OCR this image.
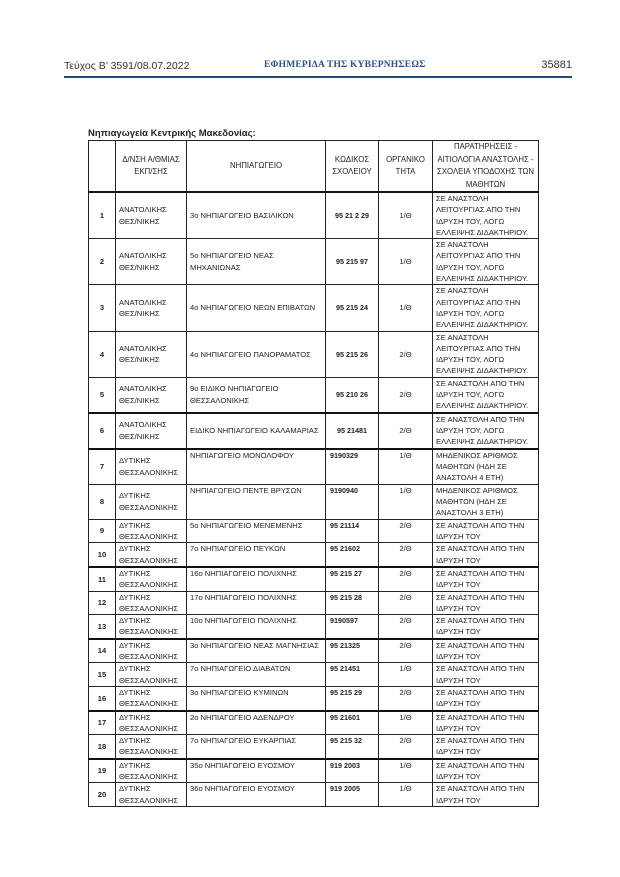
Τεύχος B’ 3591/08.07.2022	ΕΦΗΜΕΡΙΔΑ ΤΗΣ ΚΥΒΕΡΝΗΣΕΩΣ	35881
Νηπιαγωγεία Κεντρικής Μακεδονίας:
	Δ/ΝΣΗ Α/ΘΜΙΑΣ ΕΚΠ/ΣΗΣ	ΝΗΠΙΑΓΩΓΕΙΟ	ΚΩΔΙΚΟΣ ΣΧΟΛΕΙΟΥ	ΟΡΓΑΝΙΚΟ ΤΗΤΑ	ΠΑΡΑΤΗΡΗΣΕΙΣ - ΑΙΤΙΟΛΟΓΙΑ ΑΝΑΣΤΟΛΗΣ - ΣΧΟΛΕΙΑ ΥΠΟΔΟΧΗΣ ΤΩΝ ΜΑΘΗΤΩΝ
1	ΑΝΑΤΟΛΙΚΗΣ ΘΕΣ/ΝΙΚΗΣ	3ο ΝΗΠΙΑΓΩΓΕΙΟ ΒΑΣΙΛΙΚΩΝ	95 21 2 29	1/Θ	ΣΕ ΑΝΑΣΤΟΛΗ ΛΕΙΤΟΥΡΓΙΑΣ ΑΠΟ ΤΗΝ ΙΔΡΥΣΗ ΤΟΥ, ΛΟΓΩ ΕΛΛΕΙΨΗΣ ΔΙΔΑΚΤΗΡΙΟΥ.
2	ΑΝΑΤΟΛΙΚΗΣ ΘΕΣ/ΝΙΚΗΣ	5ο ΝΗΠΙΑΓΩΓΕΙΟ ΝΕΑΣ ΜΗΧΑΝΙΩΝΑΣ	95 215 97	1/Θ	ΣΕ ΑΝΑΣΤΟΛΗ ΛΕΙΤΟΥΡΓΙΑΣ ΑΠΟ ΤΗΝ ΙΔΡΥΣΗ ΤΟΥ, ΛΟΓΩ ΕΛΛΕΙΨΗΣ ΔΙΔΑΚΤΗΡΙΟΥ.
3	ΑΝΑΤΟΛΙΚΗΣ ΘΕΣ/ΝΙΚΗΣ	4ο ΝΗΠΙΑΓΩΓΕΙΟ ΝΕΩΝ ΕΠΙΒΑΤΩΝ	95 215 24	1/Θ	ΣΕ ΑΝΑΣΤΟΛΗ ΛΕΙΤΟΥΡΓΙΑΣ ΑΠΟ ΤΗΝ ΙΔΡΥΣΗ ΤΟΥ, ΛΟΓΩ ΕΛΛΕΙΨΗΣ ΔΙΔΑΚΤΗΡΙΟΥ.
4	ΑΝΑΤΟΛΙΚΗΣ ΘΕΣ/ΝΙΚΗΣ	4ο ΝΗΠΙΑΓΩΓΕΙΟ ΠΑΝΟΡΑΜΑΤΟΣ	95 215 26	2/Θ	ΣΕ ΑΝΑΣΤΟΛΗ ΛΕΙΤΟΥΡΓΙΑΣ ΑΠΟ ΤΗΝ ΙΔΡΥΣΗ ΤΟΥ, ΛΟΓΩ ΕΛΛΕΙΨΗΣ ΔΙΔΑΚΤΗΡΙΟΥ.
5	ΑΝΑΤΟΛΙΚΗΣ ΘΕΣ/ΝΙΚΗΣ	9ο ΕΙΔΙΚΟ ΝΗΠΙΑΓΩΓΕΙΟ ΘΕΣΣΑΛΟΝΙΚΗΣ	95 210 26	2/Θ	ΣΕ ΑΝΑΣΤΟΛΗ ΑΠΟ ΤΗΝ ΙΔΡΥΣΗ ΤΟΥ, ΛΟΓΩ ΕΛΛΕΙΨΗΣ ΔΙΔΑΚΤΗΡΙΟΥ.
6	ΑΝΑΤΟΛΙΚΗΣ ΘΕΣ/ΝΙΚΗΣ	ΕΙΔΙΚΟ ΝΗΠΙΑΓΩΓΕΙΟ ΚΑΛΑΜΑΡΙΑΣ	95 21481	2/Θ	ΣΕ ΑΝΑΣΤΟΛΗ ΑΠΟ ΤΗΝ ΙΔΡΥΣΗ ΤΟΥ, ΛΟΓΩ ΕΛΛΕΙΨΗΣ ΔΙΔΑΚΤΗΡΙΟΥ.
7	ΔΥΤΙΚΗΣ ΘΕΣΣΑΛΟΝΙΚΗΣ	ΝΗΠΙΑΓΩΓΕΙΟ ΜΟΝΟΛΟΦΟΥ	9190329	1/Θ	ΜΗΔΕΝΙΚΟΣ ΑΡΙΘΜΟΣ ΜΑΘΗΤΩΝ (ΗΔΗ ΣΕ ΑΝΑΣΤΟΛΗ 4 ΕΤΗ)
8	ΔΥΤΙΚΗΣ ΘΕΣΣΑΛΟΝΙΚΗΣ	ΝΗΠΙΑΓΩΓΕΙΟ ΠΕΝΤΕ ΒΡΥΣΩΝ	9190940	1/Θ	ΜΗΔΕΝΙΚΟΣ ΑΡΙΘΜΟΣ ΜΑΘΗΤΩΝ (ΗΔΗ ΣΕ ΑΝΑΣΤΟΛΗ 3 ΕΤΗ)
9	ΔΥΤΙΚΗΣ ΘΕΣΣΑΛΟΝΙΚΗΣ	5ο ΝΗΠΙΑΓΩΓΕΙΟ ΜΕΝΕΜΕΝΗΣ	95 21114	2/Θ	ΣΕ ΑΝΑΣΤΟΛΗ ΑΠΟ ΤΗΝ ΙΔΡΥΣΗ ΤΟΥ
10	ΔΥΤΙΚΗΣ ΘΕΣΣΑΛΟΝΙΚΗΣ	7ο ΝΗΠΙΑΓΩΓΕΙΟ ΠΕΥΚΩΝ	95 21602	2/Θ	ΣΕ ΑΝΑΣΤΟΛΗ ΑΠΟ ΤΗΝ ΙΔΡΥΣΗ ΤΟΥ
11	ΔΥΤΙΚΗΣ ΘΕΣΣΑΛΟΝΙΚΗΣ	16ο ΝΗΠΙΑΓΩΓΕΙΟ ΠΟΛΙΧΝΗΣ	95 215 27	2/Θ	ΣΕ ΑΝΑΣΤΟΛΗ ΑΠΟ ΤΗΝ ΙΔΡΥΣΗ ΤΟΥ
12	ΔΥΤΙΚΗΣ ΘΕΣΣΑΛΟΝΙΚΗΣ	17ο ΝΗΠΙΑΓΩΓΕΙΟ ΠΟΛΙΧΝΗΣ	95 215 28	2/Θ	ΣΕ ΑΝΑΣΤΟΛΗ ΑΠΟ ΤΗΝ ΙΔΡΥΣΗ ΤΟΥ
13	ΔΥΤΙΚΗΣ ΘΕΣΣΑΛΟΝΙΚΗΣ	10ο ΝΗΠΙΑΓΩΓΕΙΟ ΠΟΛΙΧΝΗΣ	9190597	2/Θ	ΣΕ ΑΝΑΣΤΟΛΗ ΑΠΟ ΤΗΝ ΙΔΡΥΣΗ ΤΟΥ
14	ΔΥΤΙΚΗΣ ΘΕΣΣΑΛΟΝΙΚΗΣ	3ο ΝΗΠΙΑΓΩΓΕΙΟ ΝΕΑΣ ΜΑΓΝΗΣΙΑΣ	95 21325	2/Θ	ΣΕ ΑΝΑΣΤΟΛΗ ΑΠΟ ΤΗΝ ΙΔΡΥΣΗ ΤΟΥ
15	ΔΥΤΙΚΗΣ ΘΕΣΣΑΛΟΝΙΚΗΣ	7ο ΝΗΠΙΑΓΩΓΕΙΟ ΔΙΑΒΑΤΩΝ	95 21451	1/Θ	ΣΕ ΑΝΑΣΤΟΛΗ ΑΠΟ ΤΗΝ ΙΔΡΥΣΗ ΤΟΥ
16	ΔΥΤΙΚΗΣ ΘΕΣΣΑΛΟΝΙΚΗΣ	3ο ΝΗΠΙΑΓΩΓΕΙΟ ΚΥΜΙΝΩΝ	95 215 29	2/Θ	ΣΕ ΑΝΑΣΤΟΛΗ ΑΠΟ ΤΗΝ ΙΔΡΥΣΗ ΤΟΥ
17	ΔΥΤΙΚΗΣ ΘΕΣΣΑΛΟΝΙΚΗΣ	2ο ΝΗΠΙΑΓΩΓΕΙΟ ΑΔΕΝΔΡΟΥ	95 21601	1/Θ	ΣΕ ΑΝΑΣΤΟΛΗ ΑΠΟ ΤΗΝ ΙΔΡΥΣΗ ΤΟΥ
18	ΔΥΤΙΚΗΣ ΘΕΣΣΑΛΟΝΙΚΗΣ	7ο ΝΗΠΙΑΓΩΓΕΙΟ ΕΥΚΑΡΠΙΑΣ	95 215 32	2/Θ	ΣΕ ΑΝΑΣΤΟΛΗ ΑΠΟ ΤΗΝ ΙΔΡΥΣΗ ΤΟΥ
19	ΔΥΤΙΚΗΣ ΘΕΣΣΑΛΟΝΙΚΗΣ	35ο ΝΗΠΙΑΓΩΓΕΙΟ ΕΥΟΣΜΟΥ	919 2003	1/Θ	ΣΕ ΑΝΑΣΤΟΛΗ ΑΠΟ ΤΗΝ ΙΔΡΥΣΗ ΤΟΥ
20	ΔΥΤΙΚΗΣ ΘΕΣΣΑΛΟΝΙΚΗΣ	36ο ΝΗΠΙΑΓΩΓΕΙΟ ΕΥΟΣΜΟΥ	919 2005	1/Θ	ΣΕ ΑΝΑΣΤΟΛΗ ΑΠΟ ΤΗΝ ΙΔΡΥΣΗ ΤΟΥ
